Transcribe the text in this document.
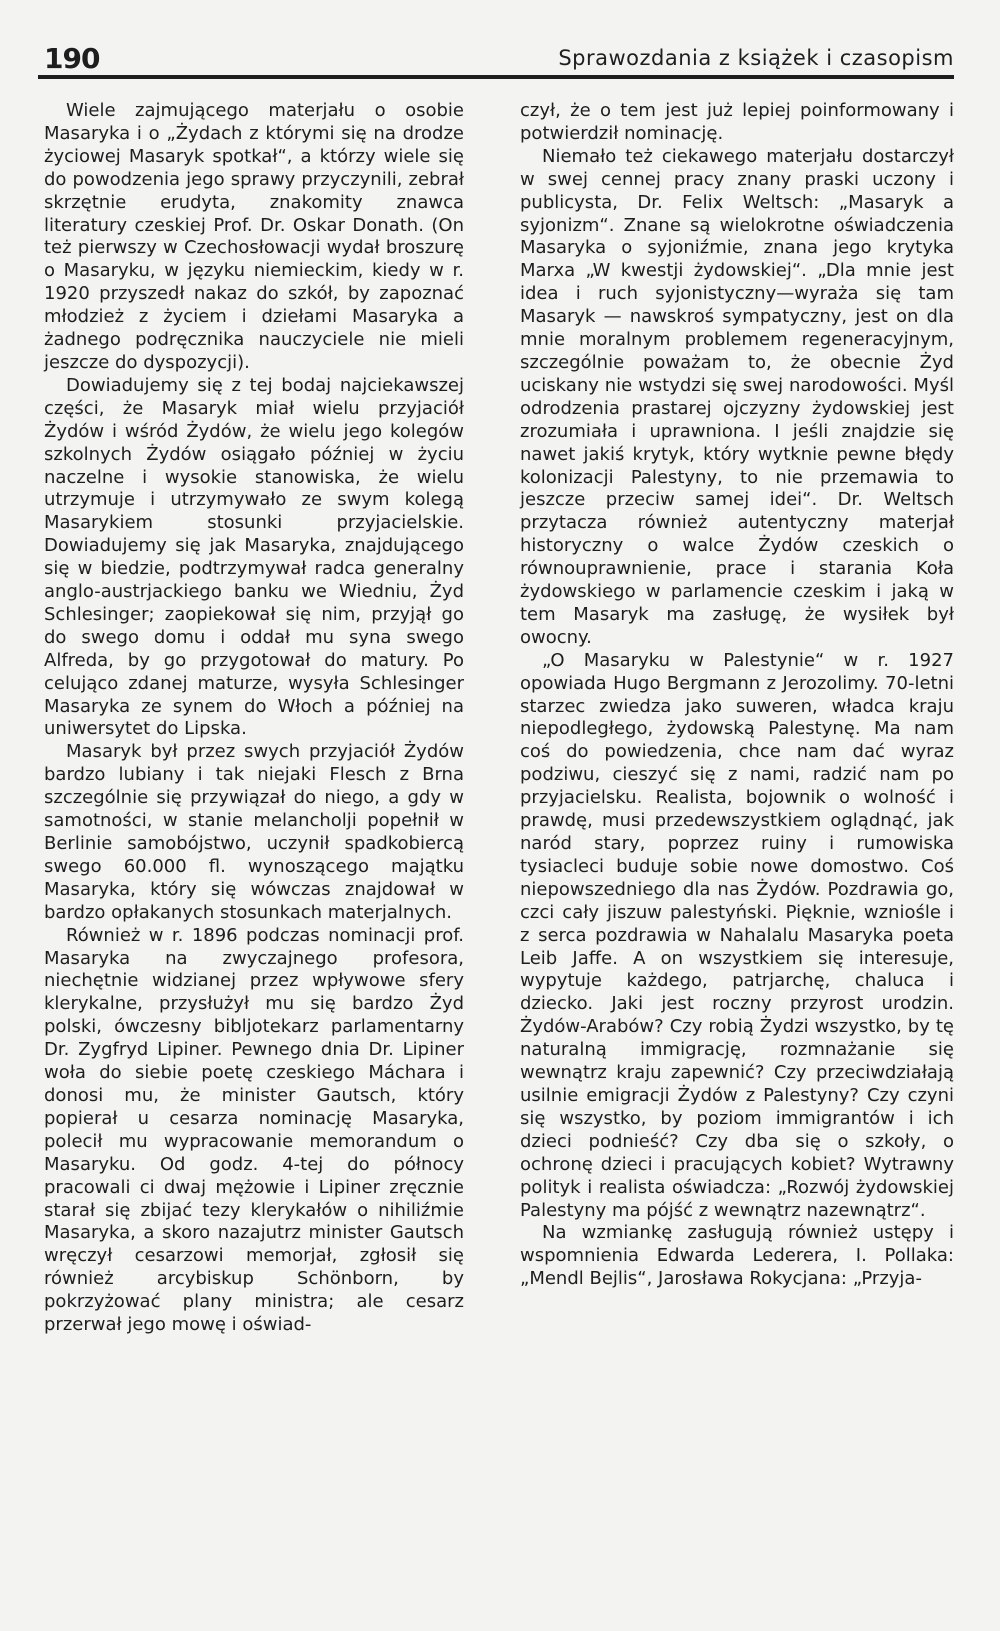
190	Sprawozdania z książek i czasopism

Wiele zajmującego materjału o osobie Masaryka i o „Żydach z którymi się na drodze życiowej Masaryk spotkał“, a którzy wiele się do powodzenia jego sprawy przyczynili, zebrał skrzętnie erudyta, znakomity znawca literatury czeskiej Prof. Dr. Oskar Donath. (On też pierwszy w Czechosłowacji wydał broszurę o Masaryku, w języku niemieckim, kiedy w r. 1920 przyszedł nakaz do szkół, by zapoznać młodzież z życiem i dziełami Masaryka a żadnego podręcznika nauczyciele nie mieli jeszcze do dyspozycji).

Dowiadujemy się z tej bodaj najciekawszej części, że Masaryk miał wielu przyjaciół Żydów i wśród Żydów, że wielu jego kolegów szkolnych Żydów osiągało później w życiu naczelne i wysokie stanowiska, że wielu utrzymuje i utrzymywało ze swym kolegą Masarykiem stosunki przyjacielskie. Dowiadujemy się jak Masaryka, znajdującego się w biedzie, podtrzymywał radca generalny anglo-austrjackiego banku we Wiedniu, Żyd Schlesinger; zaopiekował się nim, przyjął go do swego domu i oddał mu syna swego Alfreda, by go przygotował do matury. Po celująco zdanej maturze, wysyła Schlesinger Masaryka ze synem do Włoch a później na uniwersytet do Lipska.

Masaryk był przez swych przyjaciół Żydów bardzo lubiany i tak niejaki Flesch z Brna szczególnie się przywiązał do niego, a gdy w samotności, w stanie melancholji popełnił w Berlinie samobójstwo, uczynił spadkobiercą swego 60.000 fl. wynoszącego majątku Masaryka, który się wówczas znajdował w bardzo opłakanych stosunkach materjalnych.

Również w r. 1896 podczas nominacji prof. Masaryka na zwyczajnego profesora, niechętnie widzianej przez wpływowe sfery klerykalne, przysłużył mu się bardzo Żyd polski, ówczesny bibljotekarz parlamentarny Dr. Zygfryd Lipiner. Pewnego dnia Dr. Lipiner woła do siebie poetę czeskiego Máchara i donosi mu, że minister Gautsch, który popierał u cesarza nominację Masaryka, polecił mu wypracowanie memorandum o Masaryku. Od godz. 4-tej do północy pracowali ci dwaj mężowie i Lipiner zręcznie starał się zbijać tezy klerykałów o nihiliźmie Masaryka, a skoro nazajutrz minister Gautsch wręczył cesarzowi memorjał, zgłosił się również arcybiskup Schönborn, by pokrzyżować plany ministra; ale cesarz przerwał jego mowę i oświad-

czył, że o tem jest już lepiej poinformowany i potwierdził nominację.

Niemało też ciekawego materjału dostarczył w swej cennej pracy znany praski uczony i publicysta, Dr. Felix Weltsch: „Masaryk a syjonizm“. Znane są wielokrotne oświadczenia Masaryka o syjoniźmie, znana jego krytyka Marxa „W kwestji żydowskiej“. „Dla mnie jest idea i ruch syjonistyczny—wyraża się tam Masaryk — nawskroś sympatyczny, jest on dla mnie moralnym problemem regeneracyjnym, szczególnie poważam to, że obecnie Żyd uciskany nie wstydzi się swej narodowości. Myśl odrodzenia prastarej ojczyzny żydowskiej jest zrozumiała i uprawniona. I jeśli znajdzie się nawet jakiś krytyk, który wytknie pewne błędy kolonizacji Palestyny, to nie przemawia to jeszcze przeciw samej idei“. Dr. Weltsch przytacza również autentyczny materjał historyczny o walce Żydów czeskich o równouprawnienie, prace i starania Koła żydowskiego w parlamencie czeskim i jaką w tem Masaryk ma zasługę, że wysiłek był owocny.

„O Masaryku w Palestynie“ w r. 1927 opowiada Hugo Bergmann z Jerozolimy. 70-letni starzec zwiedza jako suweren, władca kraju niepodległego, żydowską Palestynę. Ma nam coś do powiedzenia, chce nam dać wyraz podziwu, cieszyć się z nami, radzić nam po przyjacielsku. Realista, bojownik o wolność i prawdę, musi przedewszystkiem oglądnąć, jak naród stary, poprzez ruiny i rumowiska tysiacleci buduje sobie nowe domostwo. Coś niepowszedniego dla nas Żydów. Pozdrawia go, czci cały jiszuw palestyński. Pięknie, wzniośle i z serca pozdrawia w Nahalalu Masaryka poeta Leib Jaffe. A on wszystkiem się interesuje, wypytuje każdego, patrjarchę, chaluca i dziecko. Jaki jest roczny przyrost urodzin. Żydów-Arabów? Czy robią Żydzi wszystko, by tę naturalną immigrację, rozmnażanie się wewnątrz kraju zapewnić? Czy przeciwdziałają usilnie emigracji Żydów z Palestyny? Czy czyni się wszystko, by poziom immigrantów i ich dzieci podnieść? Czy dba się o szkoły, o ochronę dzieci i pracujących kobiet? Wytrawny polityk i realista oświadcza: „Rozwój żydowskiej Palestyny ma pójść z wewnątrz nazewnątrz“.

Na wzmiankę zasługują również ustępy i wspomnienia Edwarda Lederera, I. Pollaka: „Mendl Bejlis“, Jarosława Rokycjana: „Przyja-
